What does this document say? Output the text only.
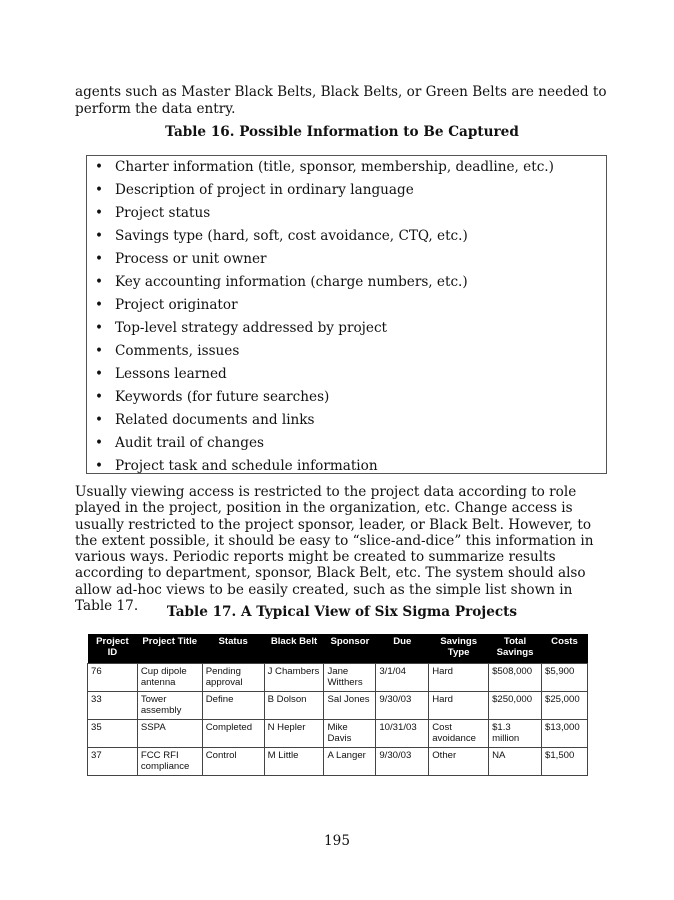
agents such as Master Black Belts, Black Belts, or Green Belts are needed to perform the data entry.
Table 16. Possible Information to Be Captured
• Charter information (title, sponsor, membership, deadline, etc.)
• Description of project in ordinary language
• Project status
• Savings type (hard, soft, cost avoidance, CTQ, etc.)
• Process or unit owner
• Key accounting information (charge numbers, etc.)
• Project originator
• Top-level strategy addressed by project
• Comments, issues
• Lessons learned
• Keywords (for future searches)
• Related documents and links
• Audit trail of changes
• Project task and schedule information
Usually viewing access is restricted to the project data according to role played in the project, position in the organization, etc. Change access is usually restricted to the project sponsor, leader, or Black Belt. However, to the extent possible, it should be easy to “slice-and-dice” this information in various ways. Periodic reports might be created to summarize results according to department, sponsor, Black Belt, etc. The system should also allow ad-hoc views to be easily created, such as the simple list shown in Table 17.	Table 17. A Typical View of Six Sigma Projects
Project ID	Project Title	Status	Black Belt	Sponsor	Due	Savings Type	Total Savings	Costs
76	Cup dipole antenna	Pending approval	J Chambers	Jane Witthers	3/1/04	Hard	$508,000	$5,900
33	Tower assembly	Define	B Dolson	Sal Jones	9/30/03	Hard	$250,000	$25,000
35	SSPA	Completed	N Hepler	Mike Davis	10/31/03	Cost avoidance	$1.3 million	$13,000
37	FCC RFI compliance	Control	M Little	A Langer	9/30/03	Other	NA	$1,500
195
